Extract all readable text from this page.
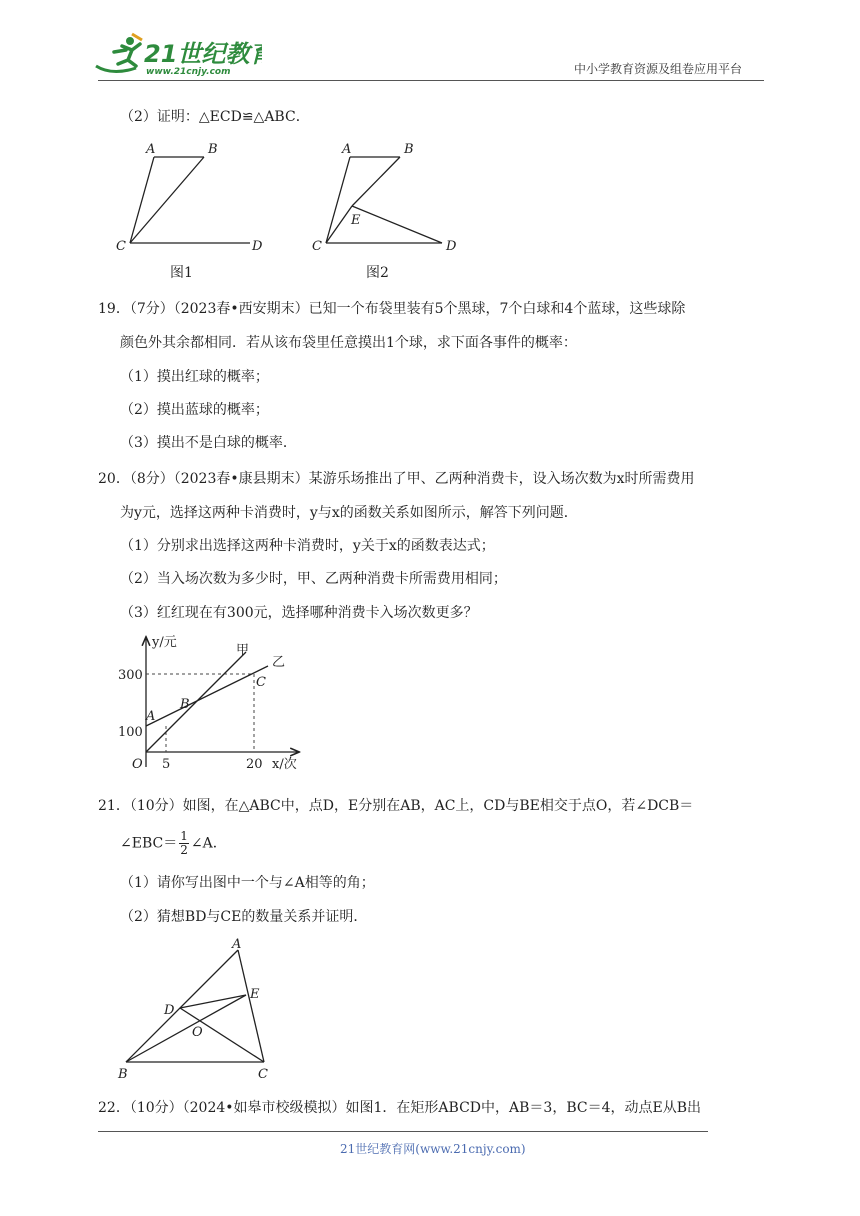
21世纪教育
www.21cnjy.com	中小学教育资源及组卷应用平台
（2）证明：△ECD≌△ABC．
A	B
C	D
A	B
E
C	D
图1	图2
19．（7分）（2023春•西安期末）已知一个布袋里装有5个黑球，7个白球和4个蓝球，这些球除
颜色外其余都相同．若从该布袋里任意摸出1个球，求下面各事件的概率：
（1）摸出红球的概率；
（2）摸出蓝球的概率；
（3）摸出不是白球的概率．
20．（8分）（2023春•康县期末）某游乐场推出了甲、乙两种消费卡，设入场次数为x时所需费用
为y元，选择这两种卡消费时，y与x的函数关系如图所示，解答下列问题．
（1）分别求出选择这两种卡消费时，y关于x的函数表达式；
（2）当入场次数为多少时，甲、乙两种消费卡所需费用相同；
（3）红红现在有300元，选择哪种消费卡入场次数更多？
y/元
x/次
300
100
5	20
O
甲
乙
A
B
C
21．（10分）如图，在△ABC中，点D，E分别在AB，AC上，CD与BE相交于点O，若∠DCB＝
∠EBC＝ $\frac{1}{2}$ ∠A．
（1）请你写出图中一个与∠A相等的角；
（2）猜想BD与CE的数量关系并证明．
A
D
E
O
B	C
22．（10分）（2024•如皋市校级模拟）如图1．在矩形ABCD中，AB＝3，BC＝4，动点E从B出
21世纪教育网(www.21cnjy.com)
